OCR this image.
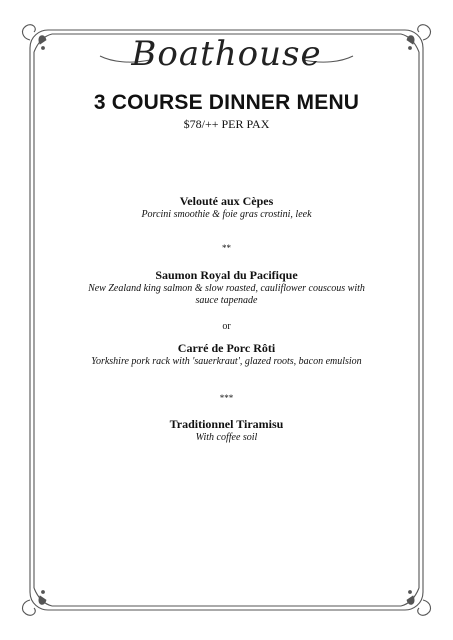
Boathouse
3 COURSE DINNER MENU
$78/++ PER PAX
Velouté aux Cèpes
Porcini smoothie & foie gras crostini, leek
**
Saumon Royal du Pacifique
New Zealand king salmon & slow roasted, cauliflower couscous with
sauce tapenade
or
Carré de Porc Rôti
Yorkshire pork rack with 'sauerkraut', glazed roots, bacon emulsion
***
Traditionnel Tiramisu
With coffee soil
